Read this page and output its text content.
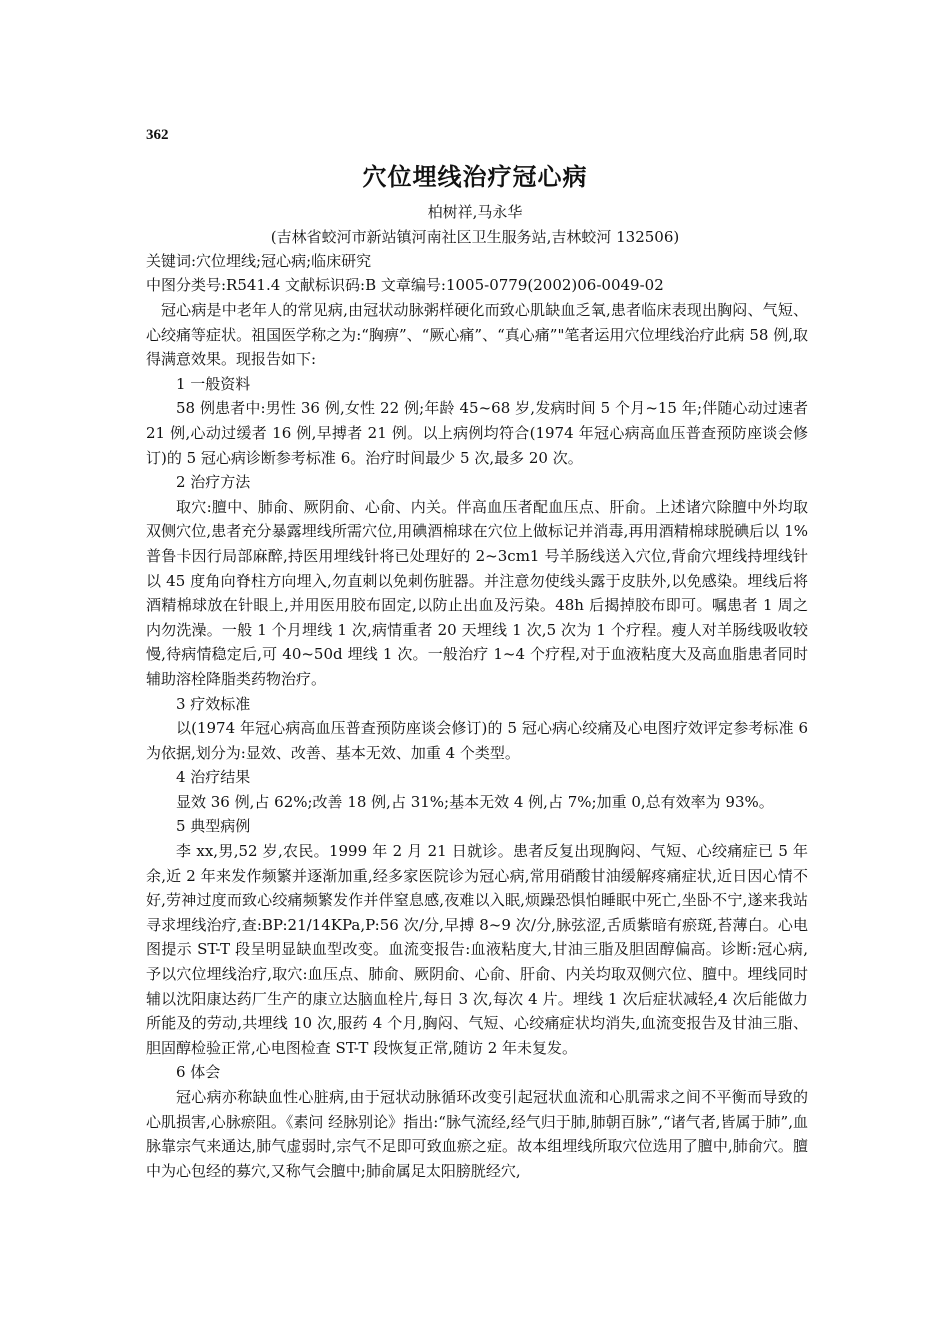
362
穴位埋线治疗冠心病
柏树祥,马永华
(吉林省蛟河市新站镇河南社区卫生服务站,吉林蛟河 132506)
关键词:穴位埋线;冠心病;临床研究
中图分类号:R541.4 文献标识码:B 文章编号:1005-0779(2002)06-0049-02

冠心病是中老年人的常见病,由冠状动脉粥样硬化而致心肌缺血乏氧,患者临床表现出胸闷、气短、心绞痛等症状。祖国医学称之为:“胸痹”、“厥心痛”、“真心痛”"笔者运用穴位埋线治疗此病 58 例,取得满意效果。现报告如下:

1 一般资料

58 例患者中:男性 36 例,女性 22 例;年龄 45~68 岁,发病时间 5 个月~15 年;伴随心动过速者 21 例,心动过缓者 16 例,早搏者 21 例。以上病例均符合(1974 年冠心病高血压普查预防座谈会修订)的 5 冠心病诊断参考标准 6。治疗时间最少 5 次,最多 20 次。

2 治疗方法

取穴:膻中、肺俞、厥阴俞、心俞、内关。伴高血压者配血压点、肝俞。上述诸穴除膻中外均取双侧穴位,患者充分暴露埋线所需穴位,用碘酒棉球在穴位上做标记并消毒,再用酒精棉球脱碘后以 1%普鲁卡因行局部麻醉,持医用埋线针将已处理好的 2~3cm1 号羊肠线送入穴位,背俞穴埋线持埋线针以 45 度角向脊柱方向埋入,勿直刺以免刺伤脏器。并注意勿使线头露于皮肤外,以免感染。埋线后将酒精棉球放在针眼上,并用医用胶布固定,以防止出血及污染。48h 后揭掉胶布即可。嘱患者 1 周之内勿洗澡。一般 1 个月埋线 1 次,病情重者 20 天埋线 1 次,5 次为 1 个疗程。瘦人对羊肠线吸收较慢,待病情稳定后,可 40~50d 埋线 1 次。一般治疗 1~4 个疗程,对于血液粘度大及高血脂患者同时辅助溶栓降脂类药物治疗。

3 疗效标准

以(1974 年冠心病高血压普查预防座谈会修订)的 5 冠心病心绞痛及心电图疗效评定参考标准 6 为依据,划分为:显效、改善、基本无效、加重 4 个类型。

4 治疗结果

显效 36 例,占 62%;改善 18 例,占 31%;基本无效 4 例,占 7%;加重 0,总有效率为 93%。

5 典型病例

李 xx,男,52 岁,农民。1999 年 2 月 21 日就诊。患者反复出现胸闷、气短、心绞痛症已 5 年余,近 2 年来发作频繁并逐渐加重,经多家医院诊为冠心病,常用硝酸甘油缓解疼痛症状,近日因心情不好,劳神过度而致心绞痛频繁发作并伴窒息感,夜难以入眠,烦躁恐惧怕睡眠中死亡,坐卧不宁,遂来我站寻求埋线治疗,查:BP:21/14KPa,P:56 次/分,早搏 8~9 次/分,脉弦涩,舌质紫暗有瘀斑,苔薄白。心电图提示 ST-T 段呈明显缺血型改变。血流变报告:血液粘度大,甘油三脂及胆固醇偏高。诊断:冠心病,予以穴位埋线治疗,取穴:血压点、肺俞、厥阴俞、心俞、肝俞、内关均取双侧穴位、膻中。埋线同时辅以沈阳康达药厂生产的康立达脑血栓片,每日 3 次,每次 4 片。埋线 1 次后症状减轻,4 次后能做力所能及的劳动,共埋线 10 次,服药 4 个月,胸闷、气短、心绞痛症状均消失,血流变报告及甘油三脂、胆固醇检验正常,心电图检查 ST-T 段恢复正常,随访 2 年未复发。

6 体会

冠心病亦称缺血性心脏病,由于冠状动脉循环改变引起冠状血流和心肌需求之间不平衡而导致的心肌损害,心脉瘀阻。《素问 经脉别论》指出:“脉气流经,经气归于肺,肺朝百脉”,“诸气者,皆属于肺”,血脉靠宗气来通达,肺气虚弱时,宗气不足即可致血瘀之症。故本组埋线所取穴位选用了膻中,肺俞穴。膻中为心包经的募穴,又称气会膻中;肺俞属足太阳膀胱经穴,
